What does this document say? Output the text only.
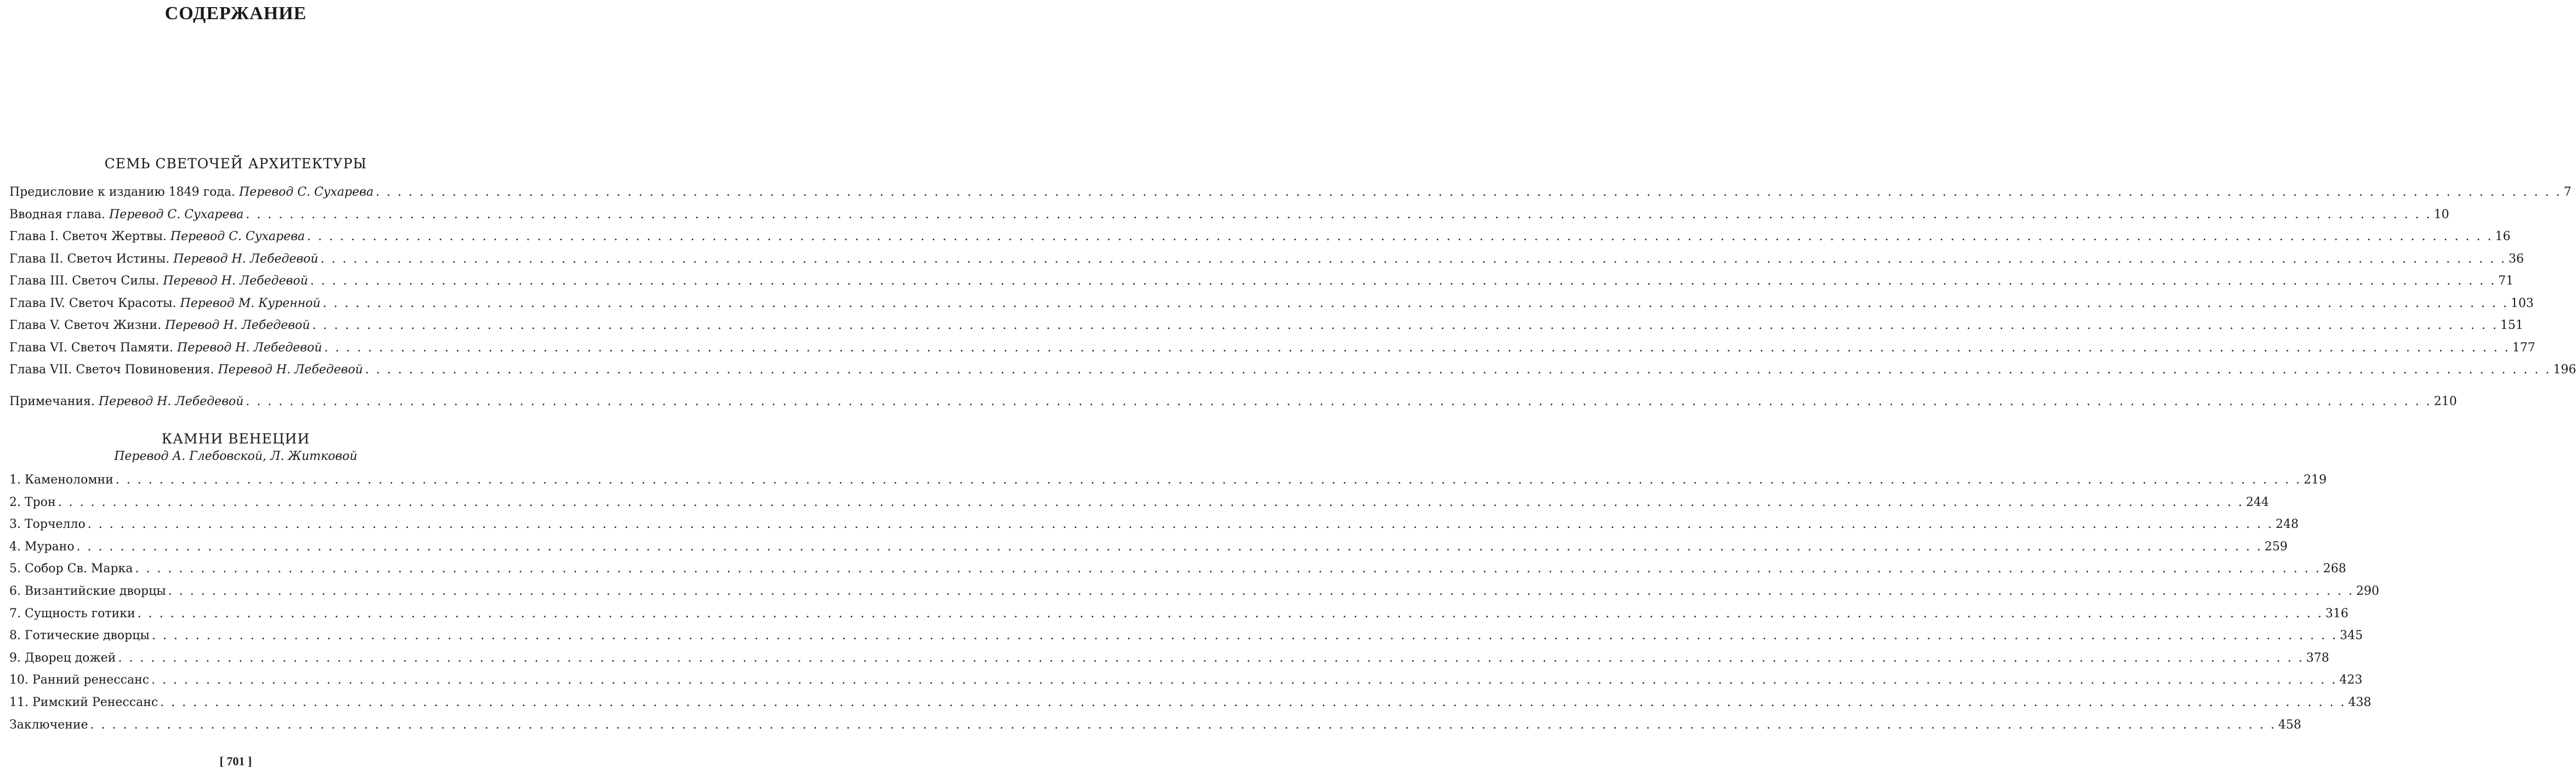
СОДЕРЖАНИЕ
СЕМЬ СВЕТОЧЕЙ АРХИТЕКТУРЫ
Предисловие к изданию 1849 года. Перевод С. Сухарева . . . . . . . . . . . . . . . . . . . . . . . . . . . . . . . . . . . . . . . . . . . . . . . . . . . . . . . . . . . . . . . . . . . . . . . . . . . . . . . . . . . . . . . . . . . . . . . . . . . . . . . . . . . . . . . . . . . . . . . . . . . . . . . . . . . . . . . . . . . . . . . . . . . . . . . . . . . . . . . . . . . . . . . . . . . . . . . . . . . . . . . . . . . . . . . . . . . . . . . . 7
Вводная глава. Перевод С. Сухарева . . . . . . . . . . . . . . . . . . . . . . . . . . . . . . . . . . . . . . . . . . . . . . . . . . . . . . . . . . . . . . . . . . . . . . . . . . . . . . . . . . . . . . . . . . . . . . . . . . . . . . . . . . . . . . . . . . . . . . . . . . . . . . . . . . . . . . . . . . . . . . . . . . . . . . . . . . . . . . . . . . . . . . . . . . . . . . . . . . . . . . . . . . . . . . . . . . . . . . . . 10
Глава I. Светоч Жертвы. Перевод С. Сухарева . . . . . . . . . . . . . . . . . . . . . . . . . . . . . . . . . . . . . . . . . . . . . . . . . . . . . . . . . . . . . . . . . . . . . . . . . . . . . . . . . . . . . . . . . . . . . . . . . . . . . . . . . . . . . . . . . . . . . . . . . . . . . . . . . . . . . . . . . . . . . . . . . . . . . . . . . . . . . . . . . . . . . . . . . . . . . . . . . . . . . . . . . . . . . . . . . . . . . . . . 16
Глава II. Светоч Истины. Перевод Н. Лебедевой . . . . . . . . . . . . . . . . . . . . . . . . . . . . . . . . . . . . . . . . . . . . . . . . . . . . . . . . . . . . . . . . . . . . . . . . . . . . . . . . . . . . . . . . . . . . . . . . . . . . . . . . . . . . . . . . . . . . . . . . . . . . . . . . . . . . . . . . . . . . . . . . . . . . . . . . . . . . . . . . . . . . . . . . . . . . . . . . . . . . . . . . . . . . . . . . . . . . . . . . 36
Глава III. Светоч Силы. Перевод Н. Лебедевой . . . . . . . . . . . . . . . . . . . . . . . . . . . . . . . . . . . . . . . . . . . . . . . . . . . . . . . . . . . . . . . . . . . . . . . . . . . . . . . . . . . . . . . . . . . . . . . . . . . . . . . . . . . . . . . . . . . . . . . . . . . . . . . . . . . . . . . . . . . . . . . . . . . . . . . . . . . . . . . . . . . . . . . . . . . . . . . . . . . . . . . . . . . . . . . . . . . . . . . . 71
Глава IV. Светоч Красоты. Перевод М. Куренной . . . . . . . . . . . . . . . . . . . . . . . . . . . . . . . . . . . . . . . . . . . . . . . . . . . . . . . . . . . . . . . . . . . . . . . . . . . . . . . . . . . . . . . . . . . . . . . . . . . . . . . . . . . . . . . . . . . . . . . . . . . . . . . . . . . . . . . . . . . . . . . . . . . . . . . . . . . . . . . . . . . . . . . . . . . . . . . . . . . . . . . . . . . . . . . . . . . . . . . . 103
Глава V. Светоч Жизни. Перевод Н. Лебедевой . . . . . . . . . . . . . . . . . . . . . . . . . . . . . . . . . . . . . . . . . . . . . . . . . . . . . . . . . . . . . . . . . . . . . . . . . . . . . . . . . . . . . . . . . . . . . . . . . . . . . . . . . . . . . . . . . . . . . . . . . . . . . . . . . . . . . . . . . . . . . . . . . . . . . . . . . . . . . . . . . . . . . . . . . . . . . . . . . . . . . . . . . . . . . . . . . . . . . . . . 151
Глава VI. Светоч Памяти. Перевод Н. Лебедевой . . . . . . . . . . . . . . . . . . . . . . . . . . . . . . . . . . . . . . . . . . . . . . . . . . . . . . . . . . . . . . . . . . . . . . . . . . . . . . . . . . . . . . . . . . . . . . . . . . . . . . . . . . . . . . . . . . . . . . . . . . . . . . . . . . . . . . . . . . . . . . . . . . . . . . . . . . . . . . . . . . . . . . . . . . . . . . . . . . . . . . . . . . . . . . . . . . . . . . . . 177
Глава VII. Светоч Повиновения. Перевод Н. Лебедевой . . . . . . . . . . . . . . . . . . . . . . . . . . . . . . . . . . . . . . . . . . . . . . . . . . . . . . . . . . . . . . . . . . . . . . . . . . . . . . . . . . . . . . . . . . . . . . . . . . . . . . . . . . . . . . . . . . . . . . . . . . . . . . . . . . . . . . . . . . . . . . . . . . . . . . . . . . . . . . . . . . . . . . . . . . . . . . . . . . . . . . . . . . . . . . . . . . . . . . . . 196
Примечания. Перевод Н. Лебедевой . . . . . . . . . . . . . . . . . . . . . . . . . . . . . . . . . . . . . . . . . . . . . . . . . . . . . . . . . . . . . . . . . . . . . . . . . . . . . . . . . . . . . . . . . . . . . . . . . . . . . . . . . . . . . . . . . . . . . . . . . . . . . . . . . . . . . . . . . . . . . . . . . . . . . . . . . . . . . . . . . . . . . . . . . . . . . . . . . . . . . . . . . . . . . . . . . . . . . . . . 210
КАМНИ ВЕНЕЦИИ
Перевод А. Глебовской, Л. Житковой
1. Каменоломни . . . . . . . . . . . . . . . . . . . . . . . . . . . . . . . . . . . . . . . . . . . . . . . . . . . . . . . . . . . . . . . . . . . . . . . . . . . . . . . . . . . . . . . . . . . . . . . . . . . . . . . . . . . . . . . . . . . . . . . . . . . . . . . . . . . . . . . . . . . . . . . . . . . . . . . . . . . . . . . . . . . . . . . . . . . . . . . . . . . . . . . . . . . . . . . . . . . . . . . . 219
2. Трон . . . . . . . . . . . . . . . . . . . . . . . . . . . . . . . . . . . . . . . . . . . . . . . . . . . . . . . . . . . . . . . . . . . . . . . . . . . . . . . . . . . . . . . . . . . . . . . . . . . . . . . . . . . . . . . . . . . . . . . . . . . . . . . . . . . . . . . . . . . . . . . . . . . . . . . . . . . . . . . . . . . . . . . . . . . . . . . . . . . . . . . . . . . . . . . . . . . . . . . . 244
3. Торчелло . . . . . . . . . . . . . . . . . . . . . . . . . . . . . . . . . . . . . . . . . . . . . . . . . . . . . . . . . . . . . . . . . . . . . . . . . . . . . . . . . . . . . . . . . . . . . . . . . . . . . . . . . . . . . . . . . . . . . . . . . . . . . . . . . . . . . . . . . . . . . . . . . . . . . . . . . . . . . . . . . . . . . . . . . . . . . . . . . . . . . . . . . . . . . . . . . . . . . . . . 248
4. Мурано . . . . . . . . . . . . . . . . . . . . . . . . . . . . . . . . . . . . . . . . . . . . . . . . . . . . . . . . . . . . . . . . . . . . . . . . . . . . . . . . . . . . . . . . . . . . . . . . . . . . . . . . . . . . . . . . . . . . . . . . . . . . . . . . . . . . . . . . . . . . . . . . . . . . . . . . . . . . . . . . . . . . . . . . . . . . . . . . . . . . . . . . . . . . . . . . . . . . . . . . 259
5. Собор Св. Марка . . . . . . . . . . . . . . . . . . . . . . . . . . . . . . . . . . . . . . . . . . . . . . . . . . . . . . . . . . . . . . . . . . . . . . . . . . . . . . . . . . . . . . . . . . . . . . . . . . . . . . . . . . . . . . . . . . . . . . . . . . . . . . . . . . . . . . . . . . . . . . . . . . . . . . . . . . . . . . . . . . . . . . . . . . . . . . . . . . . . . . . . . . . . . . . . . . . . . . . . 268
6. Византийские дворцы . . . . . . . . . . . . . . . . . . . . . . . . . . . . . . . . . . . . . . . . . . . . . . . . . . . . . . . . . . . . . . . . . . . . . . . . . . . . . . . . . . . . . . . . . . . . . . . . . . . . . . . . . . . . . . . . . . . . . . . . . . . . . . . . . . . . . . . . . . . . . . . . . . . . . . . . . . . . . . . . . . . . . . . . . . . . . . . . . . . . . . . . . . . . . . . . . . . . . . . . 290
7. Сущность готики . . . . . . . . . . . . . . . . . . . . . . . . . . . . . . . . . . . . . . . . . . . . . . . . . . . . . . . . . . . . . . . . . . . . . . . . . . . . . . . . . . . . . . . . . . . . . . . . . . . . . . . . . . . . . . . . . . . . . . . . . . . . . . . . . . . . . . . . . . . . . . . . . . . . . . . . . . . . . . . . . . . . . . . . . . . . . . . . . . . . . . . . . . . . . . . . . . . . . . . . 316
8. Готические дворцы . . . . . . . . . . . . . . . . . . . . . . . . . . . . . . . . . . . . . . . . . . . . . . . . . . . . . . . . . . . . . . . . . . . . . . . . . . . . . . . . . . . . . . . . . . . . . . . . . . . . . . . . . . . . . . . . . . . . . . . . . . . . . . . . . . . . . . . . . . . . . . . . . . . . . . . . . . . . . . . . . . . . . . . . . . . . . . . . . . . . . . . . . . . . . . . . . . . . . . . . 345
9. Дворец дожей . . . . . . . . . . . . . . . . . . . . . . . . . . . . . . . . . . . . . . . . . . . . . . . . . . . . . . . . . . . . . . . . . . . . . . . . . . . . . . . . . . . . . . . . . . . . . . . . . . . . . . . . . . . . . . . . . . . . . . . . . . . . . . . . . . . . . . . . . . . . . . . . . . . . . . . . . . . . . . . . . . . . . . . . . . . . . . . . . . . . . . . . . . . . . . . . . . . . . . . . 378
10. Ранний ренессанс . . . . . . . . . . . . . . . . . . . . . . . . . . . . . . . . . . . . . . . . . . . . . . . . . . . . . . . . . . . . . . . . . . . . . . . . . . . . . . . . . . . . . . . . . . . . . . . . . . . . . . . . . . . . . . . . . . . . . . . . . . . . . . . . . . . . . . . . . . . . . . . . . . . . . . . . . . . . . . . . . . . . . . . . . . . . . . . . . . . . . . . . . . . . . . . . . . . . . . . . 423
11. Римский Ренессанс . . . . . . . . . . . . . . . . . . . . . . . . . . . . . . . . . . . . . . . . . . . . . . . . . . . . . . . . . . . . . . . . . . . . . . . . . . . . . . . . . . . . . . . . . . . . . . . . . . . . . . . . . . . . . . . . . . . . . . . . . . . . . . . . . . . . . . . . . . . . . . . . . . . . . . . . . . . . . . . . . . . . . . . . . . . . . . . . . . . . . . . . . . . . . . . . . . . . . . . . 438
Заключение . . . . . . . . . . . . . . . . . . . . . . . . . . . . . . . . . . . . . . . . . . . . . . . . . . . . . . . . . . . . . . . . . . . . . . . . . . . . . . . . . . . . . . . . . . . . . . . . . . . . . . . . . . . . . . . . . . . . . . . . . . . . . . . . . . . . . . . . . . . . . . . . . . . . . . . . . . . . . . . . . . . . . . . . . . . . . . . . . . . . . . . . . . . . . . . . . . . . . . . . 458
[ 701 ]
